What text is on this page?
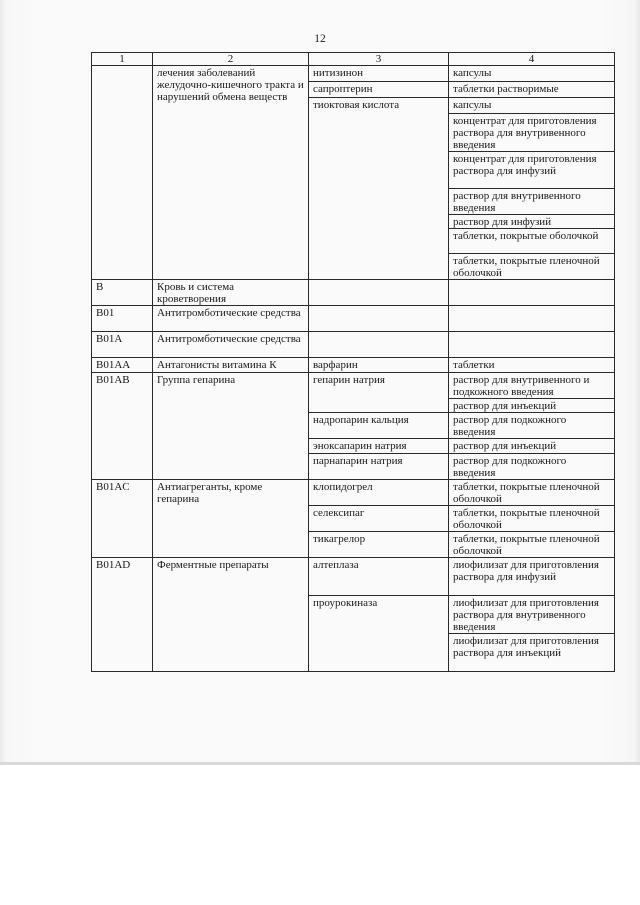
12
1	2	3	4
	лечения заболеваний желудочно-кишечного тракта и нарушений обмена веществ	нитизинон	капсулы
		сапроптерин	таблетки растворимые
		тиоктовая кислота	капсулы
			концентрат для приготовления раствора для внутривенного введения
			концентрат для приготовления раствора для инфузий
			раствор для внутривенного введения
			раствор для инфузий
			таблетки, покрытые оболочкой
			таблетки, покрытые пленочной оболочкой

B	Кровь и система кроветворения		
B01	Антитромботические средства		
B01A	Антитромботические средства		
B01AA	Антагонисты витамина К	варфарин	таблетки
B01AB	Группа гепарина	гепарин натрия	раствор для внутривенного и подкожного введения
			раствор для инъекций
		надропарин кальция	раствор для подкожного введения
		эноксапарин натрия	раствор для инъекций
		парнапарин натрия	раствор для подкожного введения

B01AC	Антиагреганты, кроме гепарина	клопидогрел	таблетки, покрытые пленочной оболочкой
		селексипаг	таблетки, покрытые пленочной оболочкой
		тикагрелор	таблетки, покрытые пленочной оболочкой
B01AD	Ферментные препараты	алтеплаза	лиофилизат для приготовления раствора для инфузий
		проурокиназа	лиофилизат для приготовления раствора для внутривенного введения
			лиофилизат для приготовления раствора для инъекций
